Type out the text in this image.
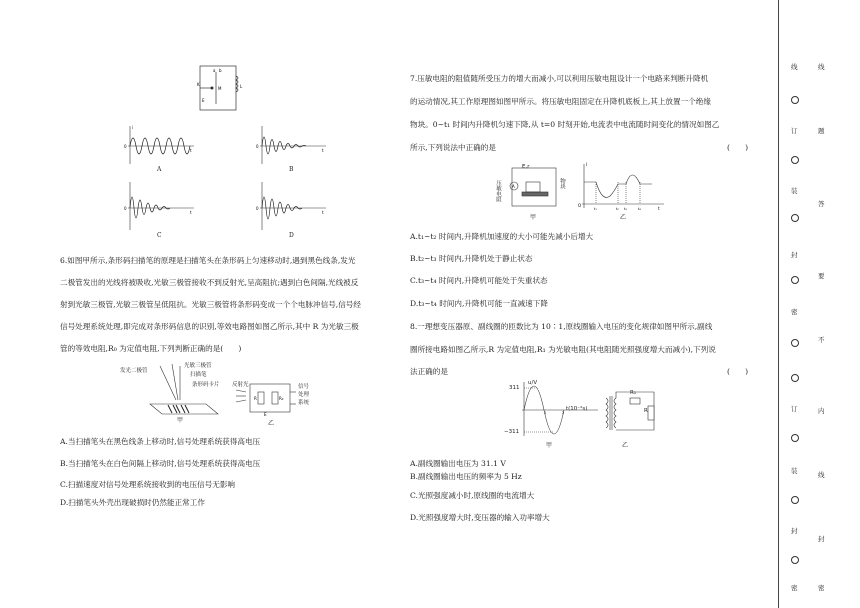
K
E
M	L
a b
0
t
i
A
0
t
B
0
t
C
0
t
D
6.如图甲所示,条形码扫描笔的原理是扫描笔头在条形码上匀速移动时,遇到黑色线条,发光
二极管发出的光线将被吸收,光敏三极管接收不到反射光,呈高阻抗;遇到白色间隔,光线被反
射到光敏三极管,光敏三极管呈低阻抗。光敏三极管将条形码变成一个个电脉冲信号,信号经
信号处理系统处理,即完成对条形码信息的识别,等效电路图如图乙所示,其中 R 为光敏三极
管的等效电阻,R₀ 为定值电阻,下列判断正确的是(　　)
发光二极管
光敏三极管
扫描笔
条形码卡片
甲
R	R₀
E
反射光	信号
处理
系统
乙
A.当扫描笔头在黑色线条上移动时,信号处理系统获得高电压
B.当扫描笔头在白色间隔上移动时,信号处理系统获得高电压
C.扫描速度对信号处理系统接收到的电压信号无影响
D.扫描笔头外壳出现破损时仍然能正常工作
7.压敏电阻的阻值随所受压力的增大而减小,可以利用压敏电阻设计一个电路来判断升降机
的运动情况,其工作原理图如图甲所示。将压敏电阻固定在升降机底板上,其上放置一个绝缘
物块。0~t₁ 时间内升降机匀速下降,从 t=0 时刻开始,电流表中电流随时间变化的情况如图乙
所示,下列说法中正确的是	(　　)
A
E,r
压敏电阻	物块
甲
O
I
t₁	t₂ t₃	t₄	t
乙
A.t₁~t₂ 时间内,升降机加速度的大小可能先减小后增大
B.t₂~t₃ 时间内,升降机处于静止状态
C.t₃~t₄ 时间内,升降机可能处于失重状态
D.t₃~t₄ 时间内,升降机可能一直减速下降
8.一理想变压器原、副线圈的匝数比为 10∶1,原线圈输入电压的变化规律如图甲所示,副线
圈所接电路如图乙所示,R 为定值电阻,R₁ 为光敏电阻(其电阻随光照强度增大而减小),下列说
法正确的是	(　　)
1	2
u/V
311
−311
t(10⁻²s)
甲
R₁
R
乙
A.副线圈输出电压为 31.1 V
B.副线圈输出电压的频率为 5 Hz
C.光照强度减小时,原线圈的电流增大
D.光照强度增大时,变压器的输入功率增大
线
题
答
要
不
内
线
封
密
线
订
装
封
密
订
装
封
密
